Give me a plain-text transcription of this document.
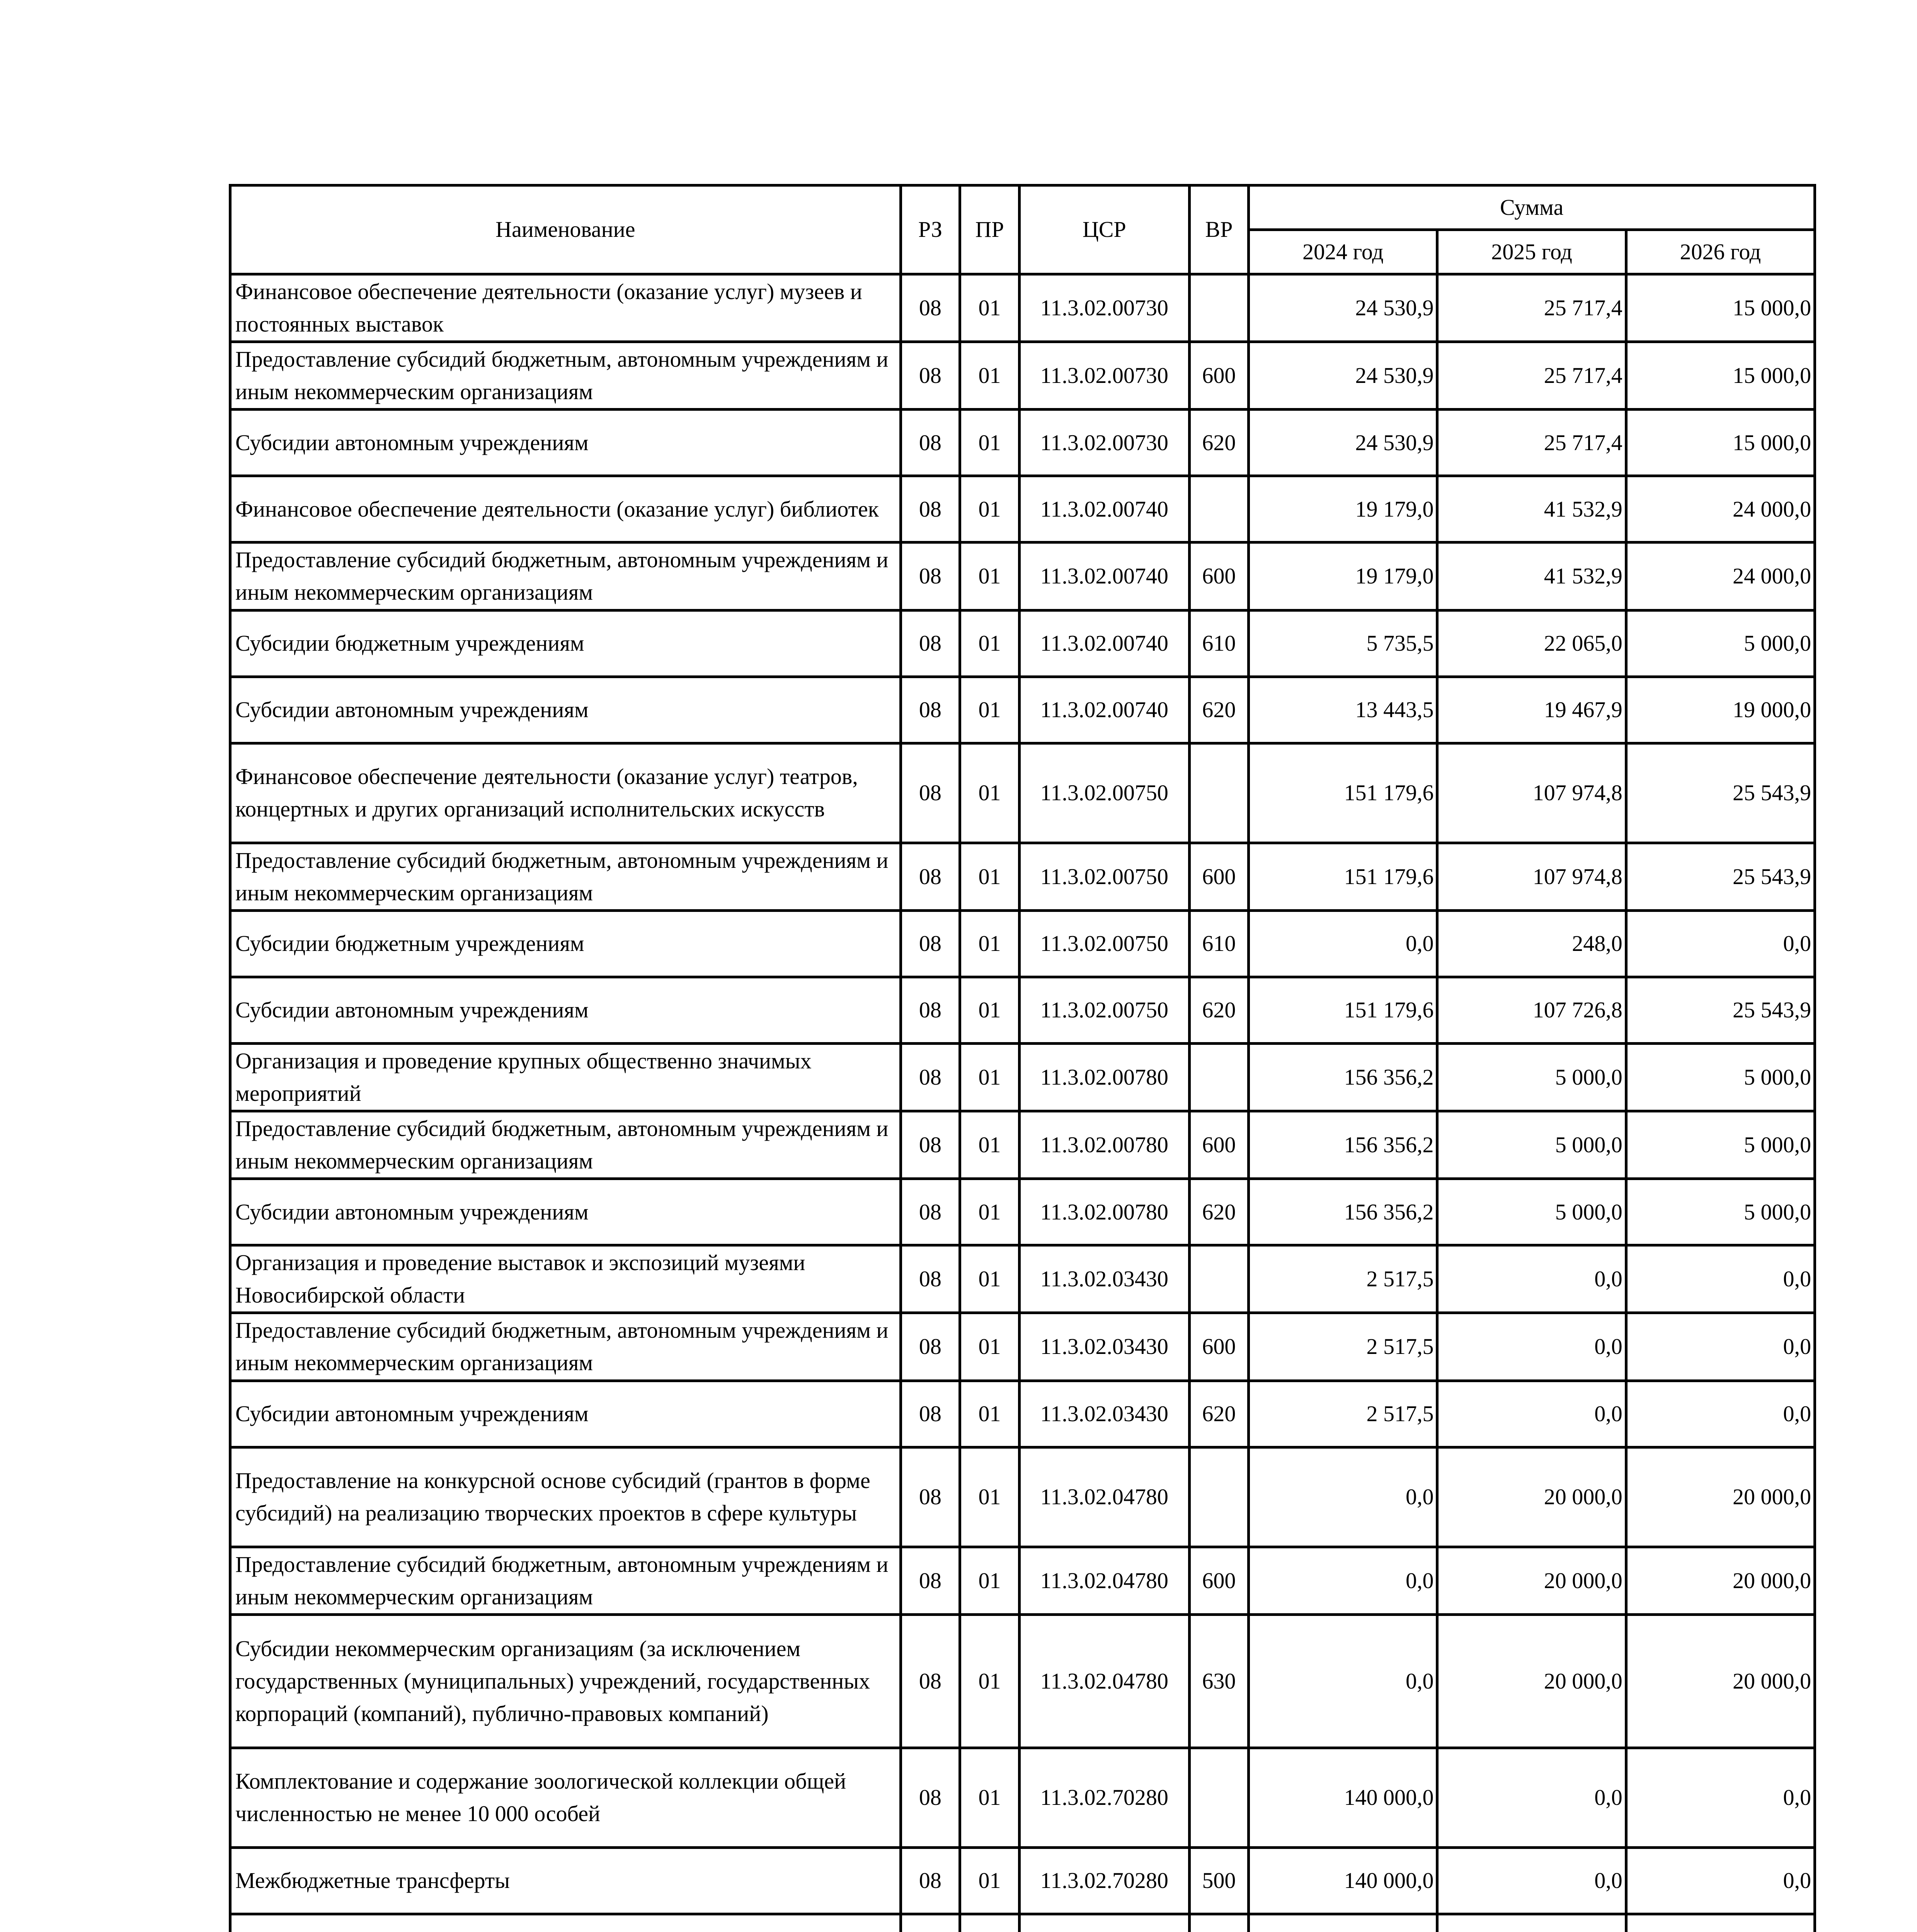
Наименование	РЗ	ПР	ЦСР	ВР	Сумма		
					2024 год	2025 год	2026 год
Финансовое обеспечение деятельности (оказание услуг) музеев и постоянных выставок	08	01	11.3.02.00730		24 530,9	25 717,4	15 000,0
Предоставление субсидий бюджетным, автономным учреждениям и иным некоммерческим организациям	08	01	11.3.02.00730	600	24 530,9	25 717,4	15 000,0
Субсидии автономным учреждениям	08	01	11.3.02.00730	620	24 530,9	25 717,4	15 000,0
Финансовое обеспечение деятельности (оказание услуг) библиотек	08	01	11.3.02.00740		19 179,0	41 532,9	24 000,0
Предоставление субсидий бюджетным, автономным учреждениям и иным некоммерческим организациям	08	01	11.3.02.00740	600	19 179,0	41 532,9	24 000,0
Субсидии бюджетным учреждениям	08	01	11.3.02.00740	610	5 735,5	22 065,0	5 000,0
Субсидии автономным учреждениям	08	01	11.3.02.00740	620	13 443,5	19 467,9	19 000,0
Финансовое обеспечение деятельности (оказание услуг) театров, концертных и других организаций исполнительских искусств	08	01	11.3.02.00750		151 179,6	107 974,8	25 543,9
Предоставление субсидий бюджетным, автономным учреждениям и иным некоммерческим организациям	08	01	11.3.02.00750	600	151 179,6	107 974,8	25 543,9
Субсидии бюджетным учреждениям	08	01	11.3.02.00750	610	0,0	248,0	0,0
Субсидии автономным учреждениям	08	01	11.3.02.00750	620	151 179,6	107 726,8	25 543,9
Организация и проведение крупных общественно значимых мероприятий	08	01	11.3.02.00780		156 356,2	5 000,0	5 000,0
Предоставление субсидий бюджетным, автономным учреждениям и иным некоммерческим организациям	08	01	11.3.02.00780	600	156 356,2	5 000,0	5 000,0
Субсидии автономным учреждениям	08	01	11.3.02.00780	620	156 356,2	5 000,0	5 000,0
Организация и проведение выставок и экспозиций музеями Новосибирской области	08	01	11.3.02.03430		2 517,5	0,0	0,0
Предоставление субсидий бюджетным, автономным учреждениям и иным некоммерческим организациям	08	01	11.3.02.03430	600	2 517,5	0,0	0,0
Субсидии автономным учреждениям	08	01	11.3.02.03430	620	2 517,5	0,0	0,0
Предоставление на конкурсной основе субсидий (грантов в форме субсидий) на реализацию творческих проектов в сфере культуры	08	01	11.3.02.04780		0,0	20 000,0	20 000,0
Предоставление субсидий бюджетным, автономным учреждениям и иным некоммерческим организациям	08	01	11.3.02.04780	600	0,0	20 000,0	20 000,0
Субсидии некоммерческим организациям (за исключением государственных (муниципальных) учреждений, государственных корпораций (компаний), публично-правовых компаний)	08	01	11.3.02.04780	630	0,0	20 000,0	20 000,0
Комплектование и содержание зоологической коллекции общей численностью не менее 10 000 особей	08	01	11.3.02.70280		140 000,0	0,0	0,0
Межбюджетные трансферты	08	01	11.3.02.70280	500	140 000,0	0,0	0,0
